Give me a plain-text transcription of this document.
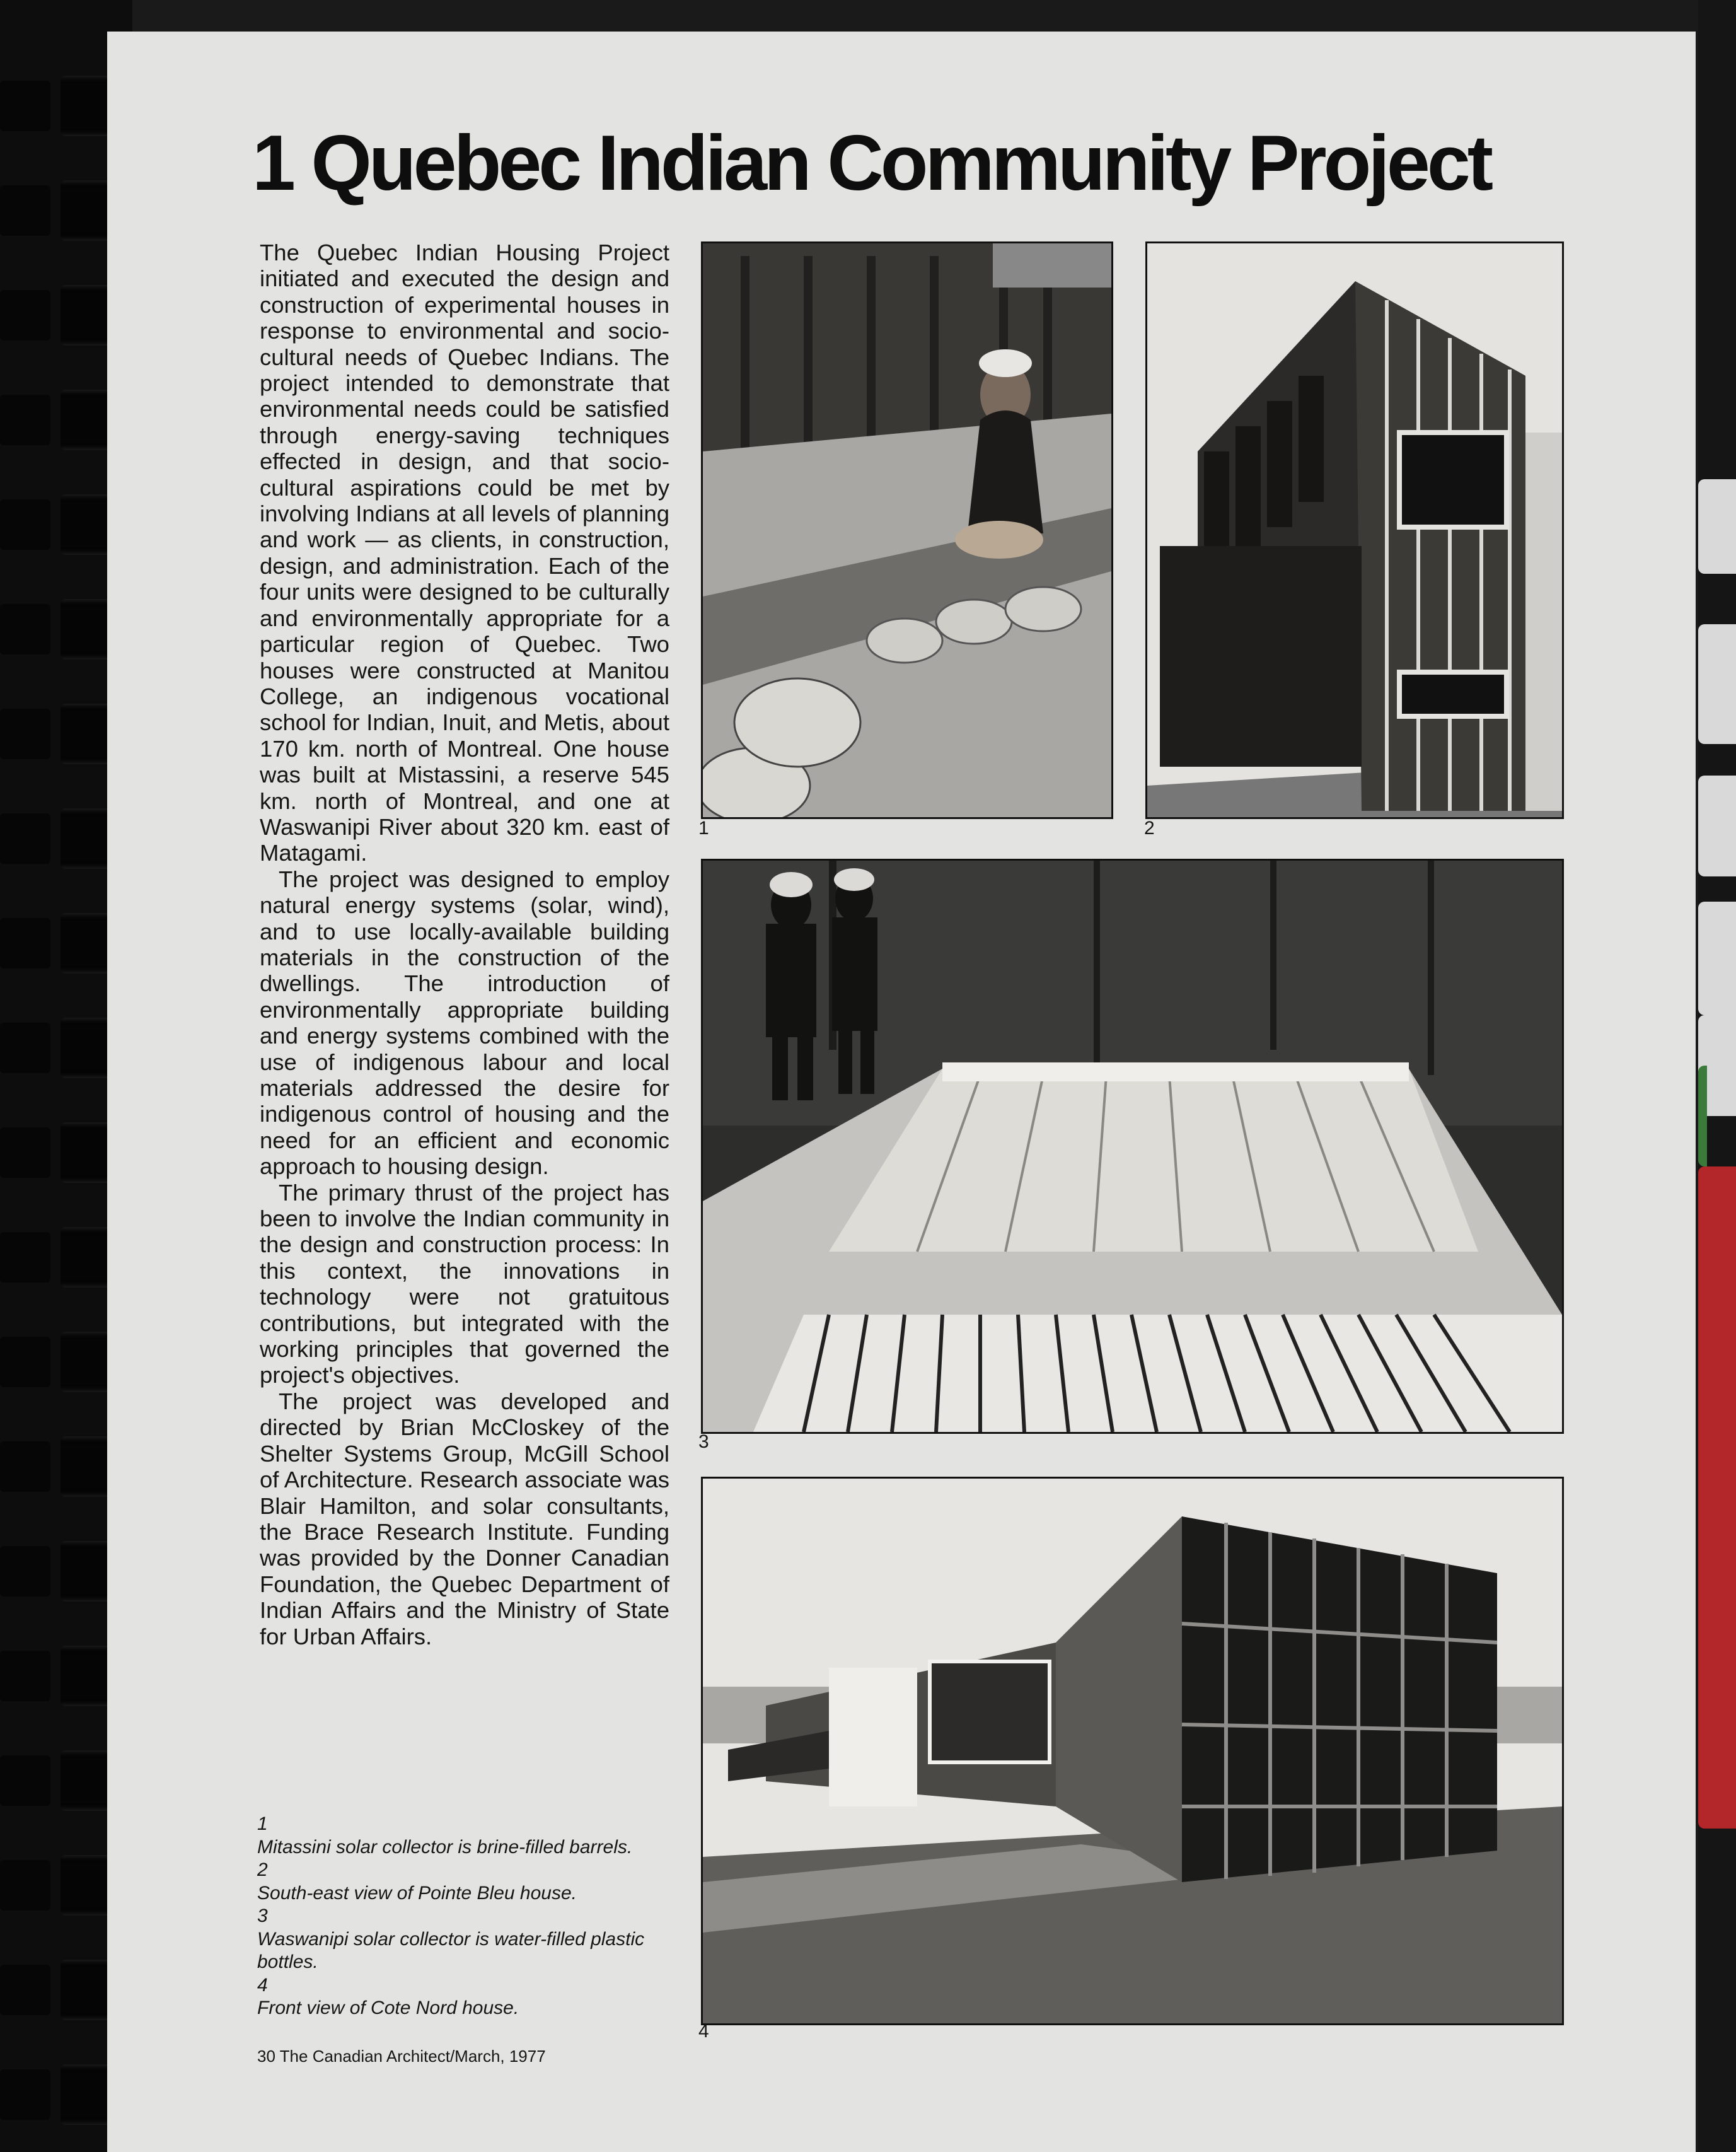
1 Quebec Indian Community Project

The Quebec Indian Housing Project initiated and executed the design and construction of experimental houses in response to environmental and socio-cultural needs of Quebec Indians. The project intended to demonstrate that environmental needs could be satisfied through energy-saving techniques effected in design, and that socio-cultural aspirations could be met by involving Indians at all levels of planning and work — as clients, in construction, design, and administration. Each of the four units were designed to be culturally and environmentally appropriate for a particular region of Quebec. Two houses were constructed at Manitou College, an indigenous vocational school for Indian, Inuit, and Metis, about 170 km. north of Montreal. One house was built at Mistassini, a reserve 545 km. north of Montreal, and one at Waswanipi River about 320 km. east of Matagami.

The project was designed to employ natural energy systems (solar, wind), and to use locally-available building materials in the construction of the dwellings. The introduction of environmentally appropriate building and energy systems combined with the use of indigenous labour and local materials addressed the desire for indigenous control of housing and the need for an efficient and economic approach to housing design.

The primary thrust of the project has been to involve the Indian community in the design and construction process: In this context, the innovations in technology were not gratuitous contributions, but integrated with the working principles that governed the project's objectives.

The project was developed and directed by Brian McCloskey of the Shelter Systems Group, McGill School of Architecture. Research associate was Blair Hamilton, and solar consultants, the Brace Research Institute. Funding was provided by the Donner Canadian Foundation, the Quebec Department of Indian Affairs and the Ministry of State for Urban Affairs.

1
Mitassini solar collector is brine-filled barrels.
2
South-east view of Pointe Bleu house.
3
Waswanipi solar collector is water-filled plastic bottles.
4
Front view of Cote Nord house.
1	2
3
4
30 The Canadian Architect/March, 1977
